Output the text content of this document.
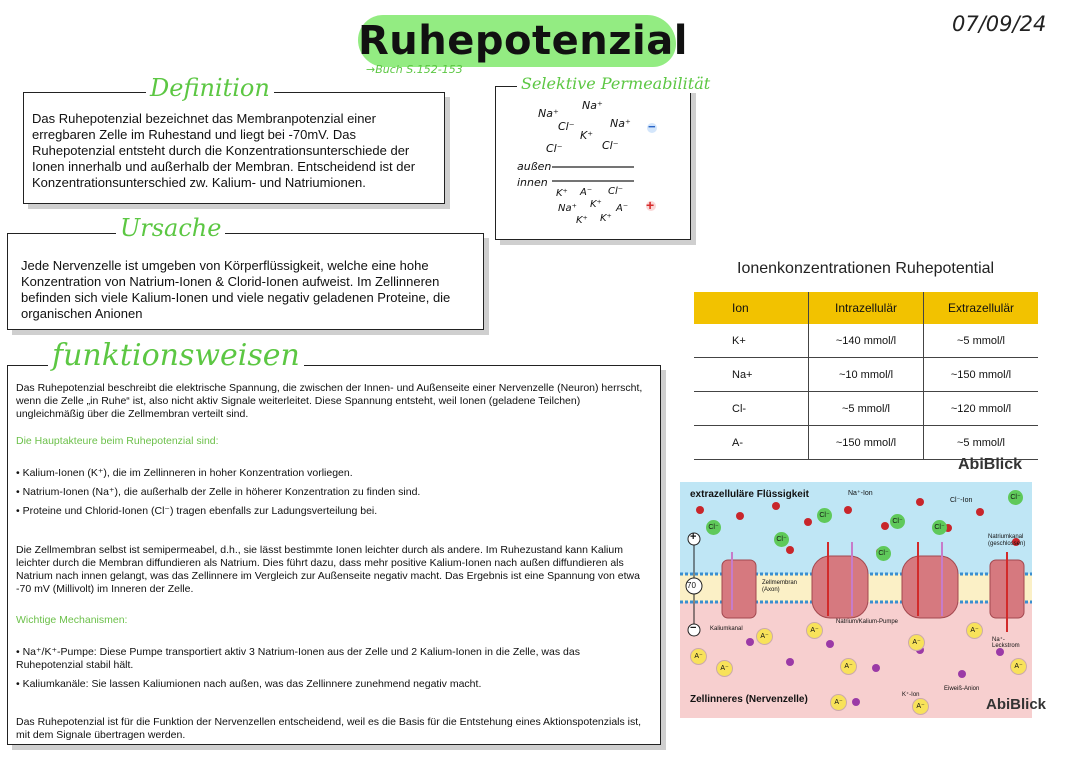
Ruhepotenzial
→Buch S.152-153
07/09/24
Das Ruhepotenzial bezeichnet das Membranpotenzial einer erregbaren Zelle im Ruhestand und liegt bei -70mV. Das Ruhepotenzial entsteht durch die Konzentrationsunterschiede der Ionen innerhalb und außerhalb der Membran. Entscheidend ist der Konzentrationsunterschied zw. Kalium- und Natriumionen.
Definition
Na⁺
Na⁺
Cl⁻	Na⁺
K⁺
Cl⁻	Cl⁻
außen
innen
K⁺ A⁻ Cl⁻
Na⁺ K⁺ A⁻
K⁺ K⁺
−
+
Selektive Permeabilität
Jede Nervenzelle ist umgeben von Körperflüssigkeit, welche eine hohe Konzentration von Natrium-Ionen & Clorid-Ionen aufweist. Im Zellinneren befinden sich viele Kalium-Ionen und viele negativ geladenen Proteine, die organischen Anionen
Ursache
Das Ruhepotenzial beschreibt die elektrische Spannung, die zwischen der Innen- und Außenseite einer Nervenzelle (Neuron) herrscht, wenn die Zelle „in Ruhe“ ist, also nicht aktiv Signale weiterleitet. Diese Spannung entsteht, weil Ionen (geladene Teilchen) ungleichmäßig über die Zellmembran verteilt sind.
Die Hauptakteure beim Ruhepotenzial sind:
• Kalium-Ionen (K⁺), die im Zellinneren in hoher Konzentration vorliegen.
• Natrium-Ionen (Na⁺), die außerhalb der Zelle in höherer Konzentration zu finden sind.
• Proteine und Chlorid-Ionen (Cl⁻) tragen ebenfalls zur Ladungsverteilung bei.
Die Zellmembran selbst ist semipermeabel, d.h., sie lässt bestimmte Ionen leichter durch als andere. Im Ruhezustand kann Kalium leichter durch die Membran diffundieren als Natrium. Dies führt dazu, dass mehr positive Kalium-Ionen nach außen diffundieren als Natrium nach innen gelangt, was das Zellinnere im Vergleich zur Außenseite negativ macht. Das Ergebnis ist eine Spannung von etwa -70 mV (Millivolt) im Inneren der Zelle.
Wichtige Mechanismen:
• Na⁺/K⁺-Pumpe: Diese Pumpe transportiert aktiv 3 Natrium-Ionen aus der Zelle und 2 Kalium-Ionen in die Zelle, was das Ruhepotenzial stabil hält.
• Kaliumkanäle: Sie lassen Kaliumionen nach außen, was das Zellinnere zunehmend negativ macht.
Das Ruhepotenzial ist für die Funktion der Nervenzellen entscheidend, weil es die Basis für die Entstehung eines Aktionspotenzials ist, mit dem Signale übertragen werden.
funktionsweisen
Ionenkonzentrationen Ruhepotential
Ion	Intrazellulär	Extrazellulär
K+	~140 mmol/l	~5 mmol/l
Na+	~10 mmol/l	~150 mmol/l
Cl-	~5 mmol/l	~120 mmol/l
A-	~150 mmol/l	~5 mmol/l
AbiBlick
+
70
−
Cl⁻
Cl⁻
Cl⁻
Cl⁻
Cl⁻
Cl⁻
Cl⁻
A⁻
A⁻
A⁻
A⁻
A⁻
A⁻
A⁻
A⁻
A⁻
A⁻
extrazelluläre Flüssigkeit	Na⁺-Ion
Cl⁻-Ion
Natriumkanal (geschlossen)
Zellmembran (Axon)
Kaliumkanal
Natrium/Kalium-Pumpe
Na⁺-Leckstrom
Eiweiß-Anion
K⁺-Ion
Zellinneres (Nervenzelle)	AbiBlick
